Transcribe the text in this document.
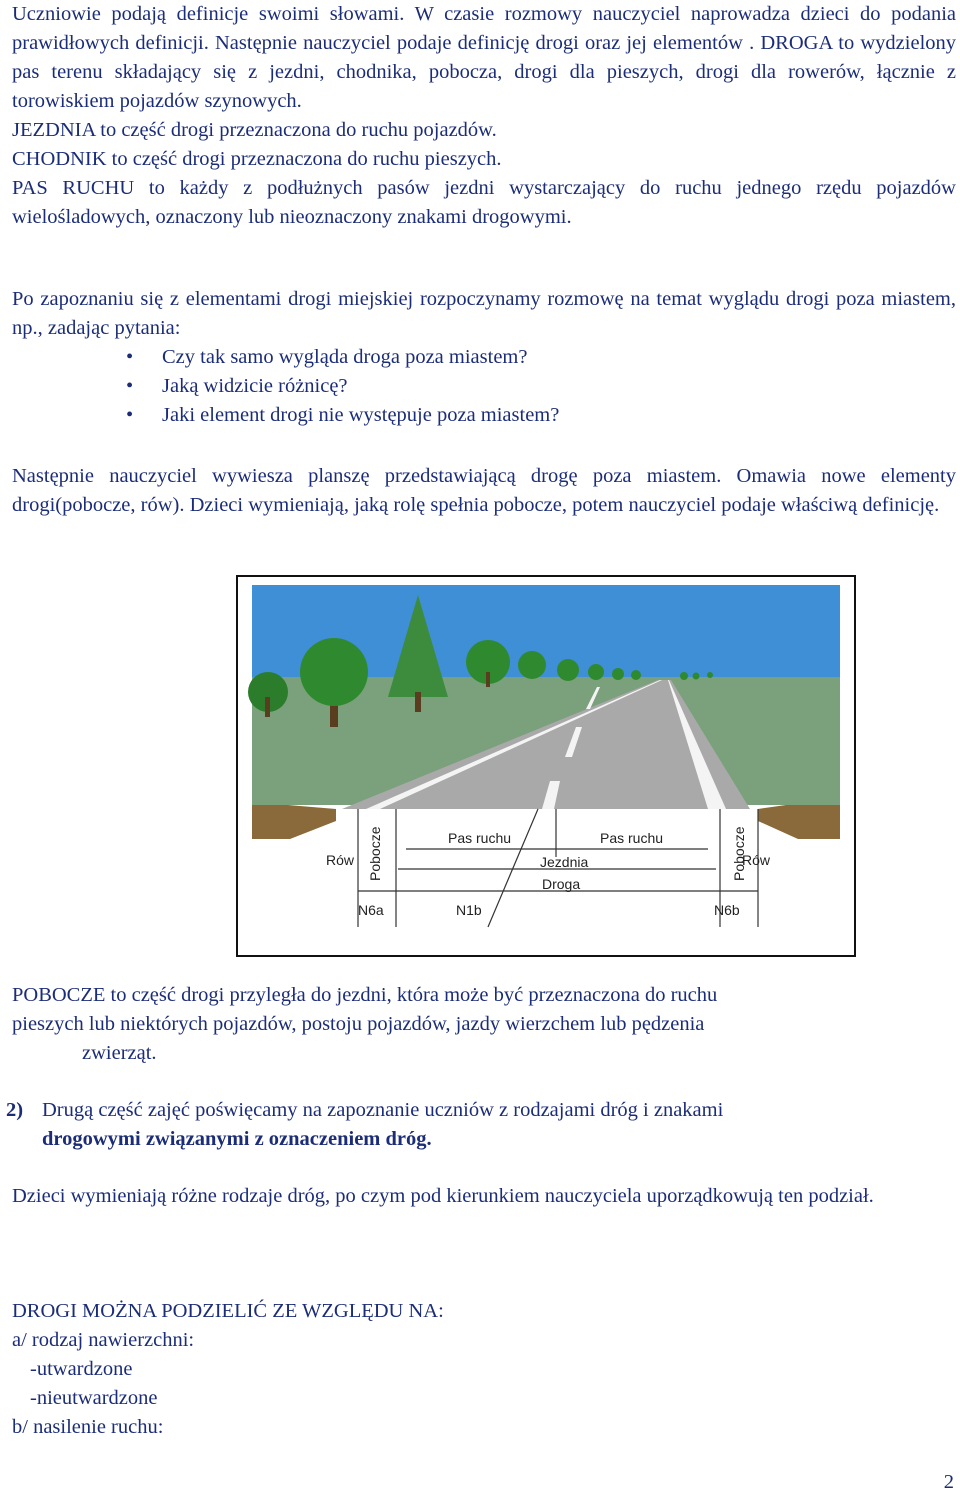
Uczniowie podają definicje swoimi słowami. W czasie rozmowy nauczyciel naprowadza dzieci do podania prawidłowych definicji. Następnie nauczyciel podaje definicję drogi oraz jej elementów . DROGA to wydzielony pas terenu składający się z jezdni, chodnika, pobocza, drogi dla pieszych, drogi dla rowerów, łącznie z torowiskiem pojazdów szynowych.
JEZDNIA to część drogi przeznaczona do ruchu pojazdów.
CHODNIK to część drogi przeznaczona do ruchu pieszych.
PAS RUCHU to każdy z podłużnych pasów jezdni wystarczający do ruchu jednego rzędu pojazdów wielośladowych, oznaczony lub nieoznaczony znakami drogowymi.
Po zapoznaniu się z elementami drogi miejskiej rozpoczynamy rozmowę na temat wyglądu drogi poza miastem, np., zadając pytania:
• Czy tak samo wygląda droga poza miastem?
• Jaką widzicie różnicę?
• Jaki element drogi nie występuje poza miastem?
Następnie nauczyciel wywiesza planszę przedstawiającą drogę poza miastem. Omawia nowe elementy drogi(pobocze, rów). Dzieci wymieniają, jaką rolę spełnia pobocze, potem nauczyciel podaje właściwą definicję.
Pas ruchu	Pas ruchu
Rów	Rów
Jezdnia
Droga
N6a	N1b	N6b
Pobocze	Pobocze
POBOCZE to część drogi przyległa do jezdni, która może być przeznaczona do ruchu
pieszych lub niektórych pojazdów, postoju pojazdów, jazdy wierzchem lub pędzenia
zwierząt.
2) Drugą część zajęć poświęcamy na zapoznanie uczniów z rodzajami dróg i znakami
drogowymi związanymi z oznaczeniem dróg.
Dzieci wymieniają różne rodzaje dróg, po czym pod kierunkiem nauczyciela uporządkowują ten podział.
DROGI MOŻNA PODZIELIĆ ZE WZGLĘDU NA:
a/ rodzaj nawierzchni:
-utwardzone
-nieutwardzone
b/ nasilenie ruchu:
2
